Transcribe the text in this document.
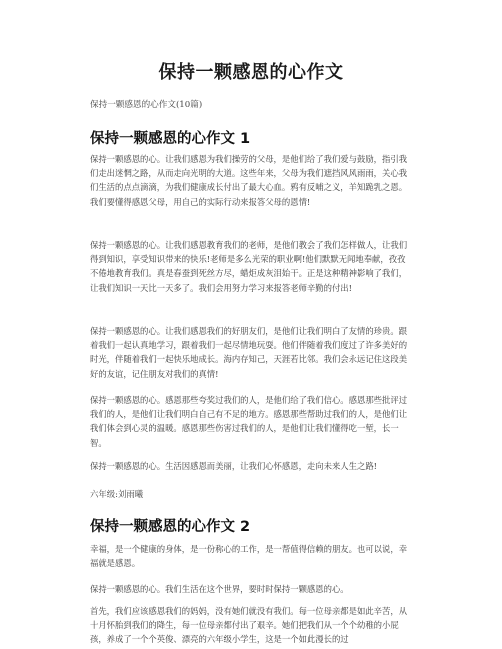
保持一颗感恩的心作文
保持一颗感恩的心作文(10篇)
保持一颗感恩的心作文 1

保持一颗感恩的心。让我们感恩为我们操劳的父母，是他们给了我们爱与鼓励，指引我们走出迷惘之路，从而走向光明的大道。这些年来，父母为我们遮挡风风雨雨，关心我们生活的点点滴滴，为我们健康成长付出了最大心血。鸦有反哺之义，羊知跪乳之恩。我们要懂得感恩父母，用自己的实际行动来报答父母的恩情!

保持一颗感恩的心。让我们感恩教育我们的老师，是他们教会了我们怎样做人，让我们得到知识，享受知识带来的快乐!老师是多么光荣的职业啊!他们默默无闻地奉献，孜孜不倦地教育我们。真是春蚕到死丝方尽，蜡炬成灰泪始干。正是这种精神影响了我们，让我们知识一天比一天多了。我们会用努力学习来报答老师辛勤的付出!

保持一颗感恩的心。让我们感恩我们的好朋友们，是他们让我们明白了友情的珍贵。跟着我们一起认真地学习，跟着我们一起尽情地玩耍。他们伴随着我们度过了许多美好的时光，伴随着我们一起快乐地成长。海内存知己，天涯若比邻。我们会永远记住这段美好的友谊，记住朋友对我们的真情!

保持一颗感恩的心。感恩那些夸奖过我们的人，是他们给了我们信心。感恩那些批评过我们的人，是他们让我们明白自己有不足的地方。感恩那些帮助过我们的人，是他们让我们体会到心灵的温暖。感恩那些伤害过我们的人，是他们让我们懂得吃一堑，长一智。

保持一颗感恩的心。生活因感恩而美丽，让我们心怀感恩，走向未来人生之路!

六年级:刘雨曦
保持一颗感恩的心作文 2

幸福，是一个健康的身体，是一份称心的工作，是一帮值得信赖的朋友。也可以说，幸福就是感恩。

保持一颗感恩的心。我们生活在这个世界，要时时保持一颗感恩的心。

首先，我们应该感恩我们的妈妈，没有她们就没有我们。每一位母亲都是如此辛苦，从十月怀胎到我们的降生，每一位母亲都付出了艰辛。她们把我们从一个个幼稚的小屁孩，养成了一个个英俊、漂亮的六年级小学生，这是一个如此漫长的过
